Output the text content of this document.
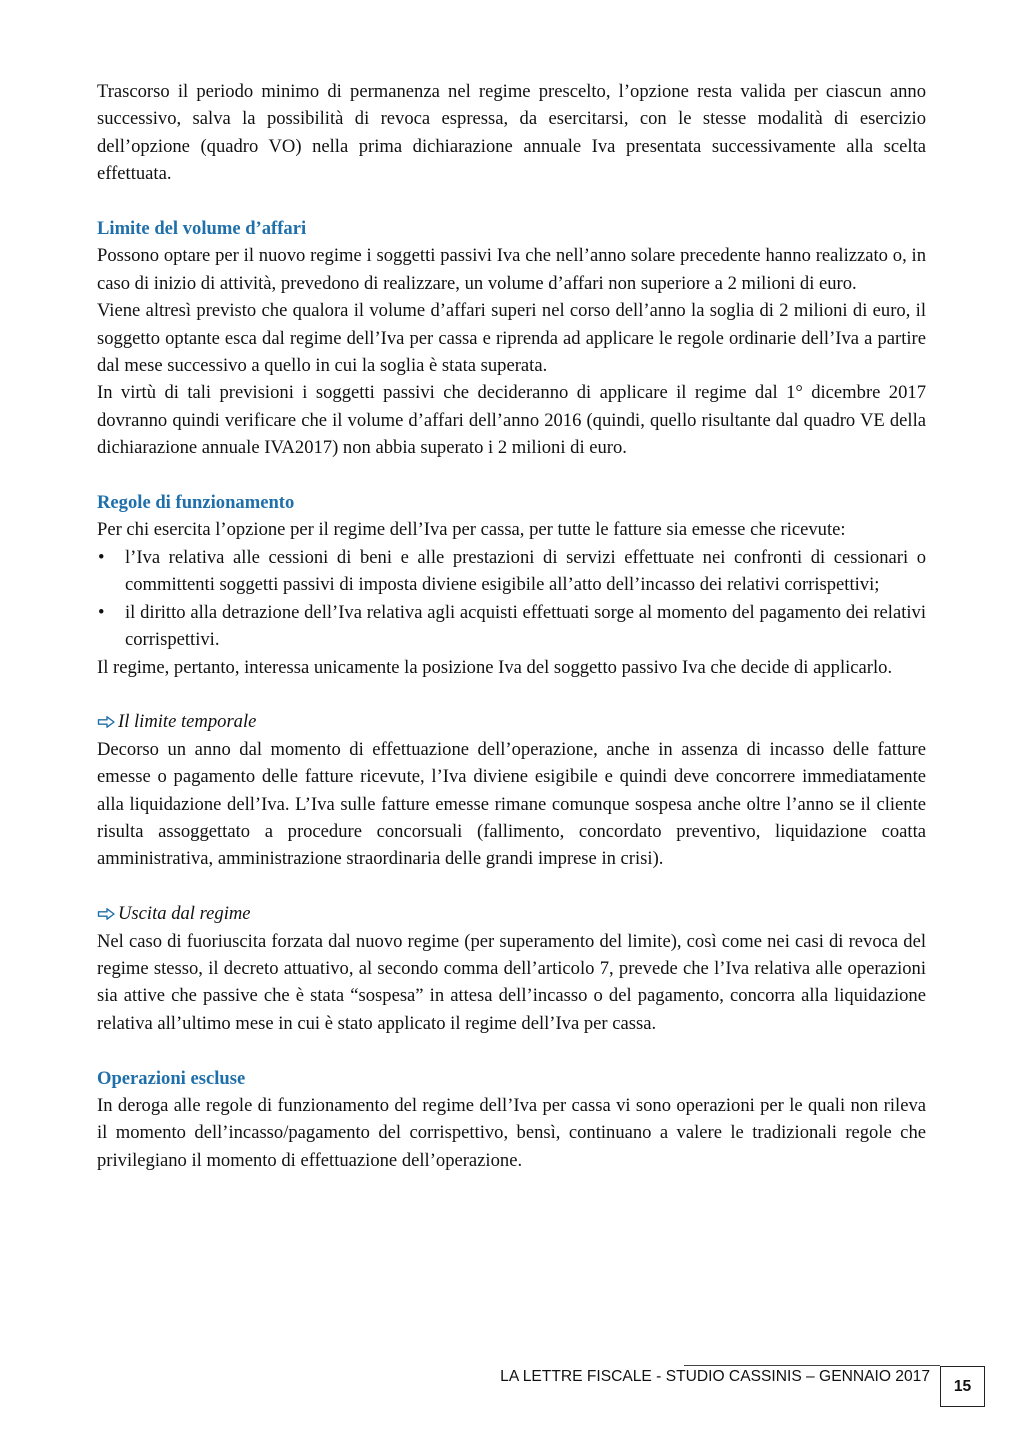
Trascorso il periodo minimo di permanenza nel regime prescelto, l’opzione resta valida per ciascun anno successivo, salva la possibilità di revoca espressa, da esercitarsi, con le stesse modalità di esercizio dell’opzione (quadro VO) nella prima dichiarazione annuale Iva presentata successivamente alla scelta effettuata.

Limite del volume d’affari

Possono optare per il nuovo regime i soggetti passivi Iva che nell’anno solare precedente hanno realizzato o, in caso di inizio di attività, prevedono di realizzare, un volume d’affari non superiore a 2 milioni di euro.

Viene altresì previsto che qualora il volume d’affari superi nel corso dell’anno la soglia di 2 milioni di euro, il soggetto optante esca dal regime dell’Iva per cassa e riprenda ad applicare le regole ordinarie dell’Iva a partire dal mese successivo a quello in cui la soglia è stata superata.

In virtù di tali previsioni i soggetti passivi che decideranno di applicare il regime dal 1° dicembre 2017 dovranno quindi verificare che il volume d’affari dell’anno 2016 (quindi, quello risultante dal quadro VE della dichiarazione annuale IVA2017) non abbia superato i 2 milioni di euro.

Regole di funzionamento

Per chi esercita l’opzione per il regime dell’Iva per cassa, per tutte le fatture sia emesse che ricevute:

• l’Iva relativa alle cessioni di beni e alle prestazioni di servizi effettuate nei confronti di cessionari o committenti soggetti passivi di imposta diviene esigibile all’atto dell’incasso dei relativi corrispettivi;
• il diritto alla detrazione dell’Iva relativa agli acquisti effettuati sorge al momento del pagamento dei relativi corrispettivi.

Il regime, pertanto, interessa unicamente la posizione Iva del soggetto passivo Iva che decide di applicarlo.

Il limite temporale

Decorso un anno dal momento di effettuazione dell’operazione, anche in assenza di incasso delle fatture emesse o pagamento delle fatture ricevute, l’Iva diviene esigibile e quindi deve concorrere immediatamente alla liquidazione dell’Iva. L’Iva sulle fatture emesse rimane comunque sospesa anche oltre l’anno se il cliente risulta assoggettato a procedure concorsuali (fallimento, concordato preventivo, liquidazione coatta amministrativa, amministrazione straordinaria delle grandi imprese in crisi).

Uscita dal regime

Nel caso di fuoriuscita forzata dal nuovo regime (per superamento del limite), così come nei casi di revoca del regime stesso, il decreto attuativo, al secondo comma dell’articolo 7, prevede che l’Iva relativa alle operazioni sia attive che passive che è stata “sospesa” in attesa dell’incasso o del pagamento, concorra alla liquidazione relativa all’ultimo mese in cui è stato applicato il regime dell’Iva per cassa.

Operazioni escluse

In deroga alle regole di funzionamento del regime dell’Iva per cassa vi sono operazioni per le quali non rileva il momento dell’incasso/pagamento del corrispettivo, bensì, continuano a valere le tradizionali regole che privilegiano il momento di effettuazione dell’operazione.

LA LETTRE FISCALE - STUDIO CASSINIS – GENNAIO 2017
15
